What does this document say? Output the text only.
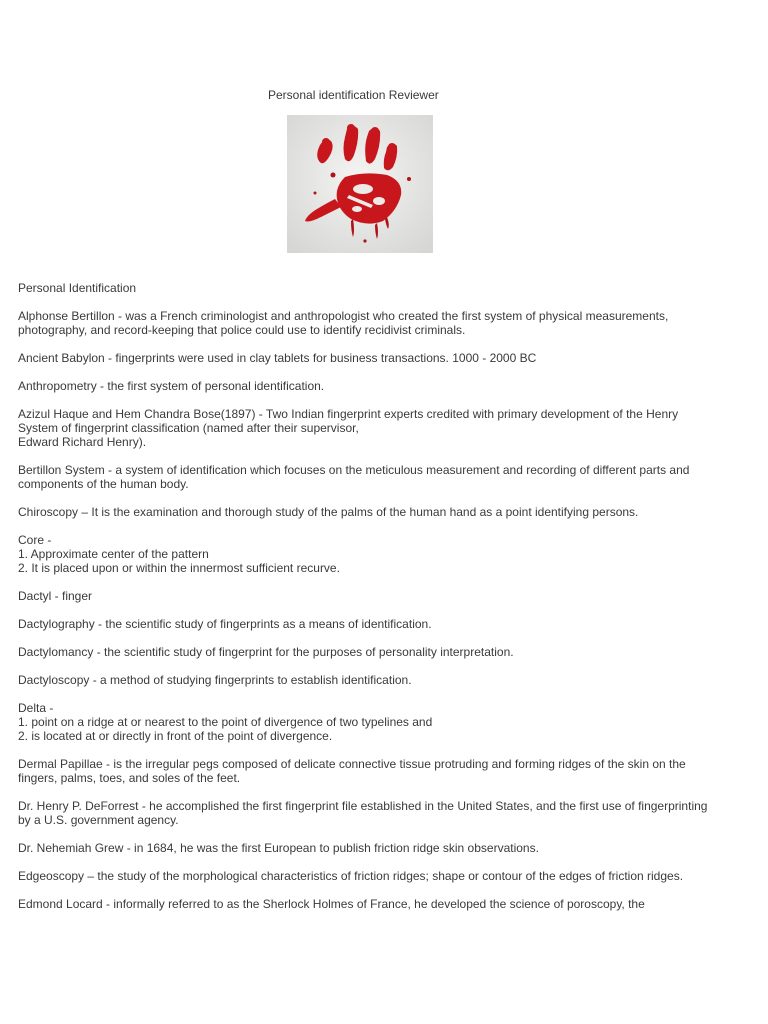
Personal identification Reviewer
Personal Identification
Alphonse Bertillon - was a French criminologist and anthropologist who created the first system of physical measurements, photography, and record-keeping that police could use to identify recidivist criminals.
Ancient Babylon - fingerprints were used in clay tablets for business transactions. 1000 - 2000 BC
Anthropometry - the first system of personal identification.
Azizul Haque and Hem Chandra Bose(1897) - Two Indian fingerprint experts credited with primary development of the Henry System of fingerprint classification (named after their supervisor,
Edward Richard Henry).
Bertillon System - a system of identification which focuses on the meticulous measurement and recording of different parts and components of the human body.
Chiroscopy – It is the examination and thorough study of the palms of the human hand as a point identifying persons.
Core -
1. Approximate center of the pattern
2. It is placed upon or within the innermost sufficient recurve.
Dactyl - finger
Dactylography - the scientific study of fingerprints as a means of identification.
Dactylomancy - the scientific study of fingerprint for the purposes of personality interpretation.
Dactyloscopy - a method of studying fingerprints to establish identification.
Delta -
1. point on a ridge at or nearest to the point of divergence of two typelines and
2. is located at or directly in front of the point of divergence.
Dermal Papillae - is the irregular pegs composed of delicate connective tissue protruding and forming ridges of the skin on the fingers, palms, toes, and soles of the feet.
Dr. Henry P. DeForrest - he accomplished the first fingerprint file established in the United States, and the first use of fingerprinting by a U.S. government agency.
Dr. Nehemiah Grew - in 1684, he was the first European to publish friction ridge skin observations.
Edgeoscopy – the study of the morphological characteristics of friction ridges; shape or contour of the edges of friction ridges.
Edmond Locard - informally referred to as the Sherlock Holmes of France, he developed the science of poroscopy, the
